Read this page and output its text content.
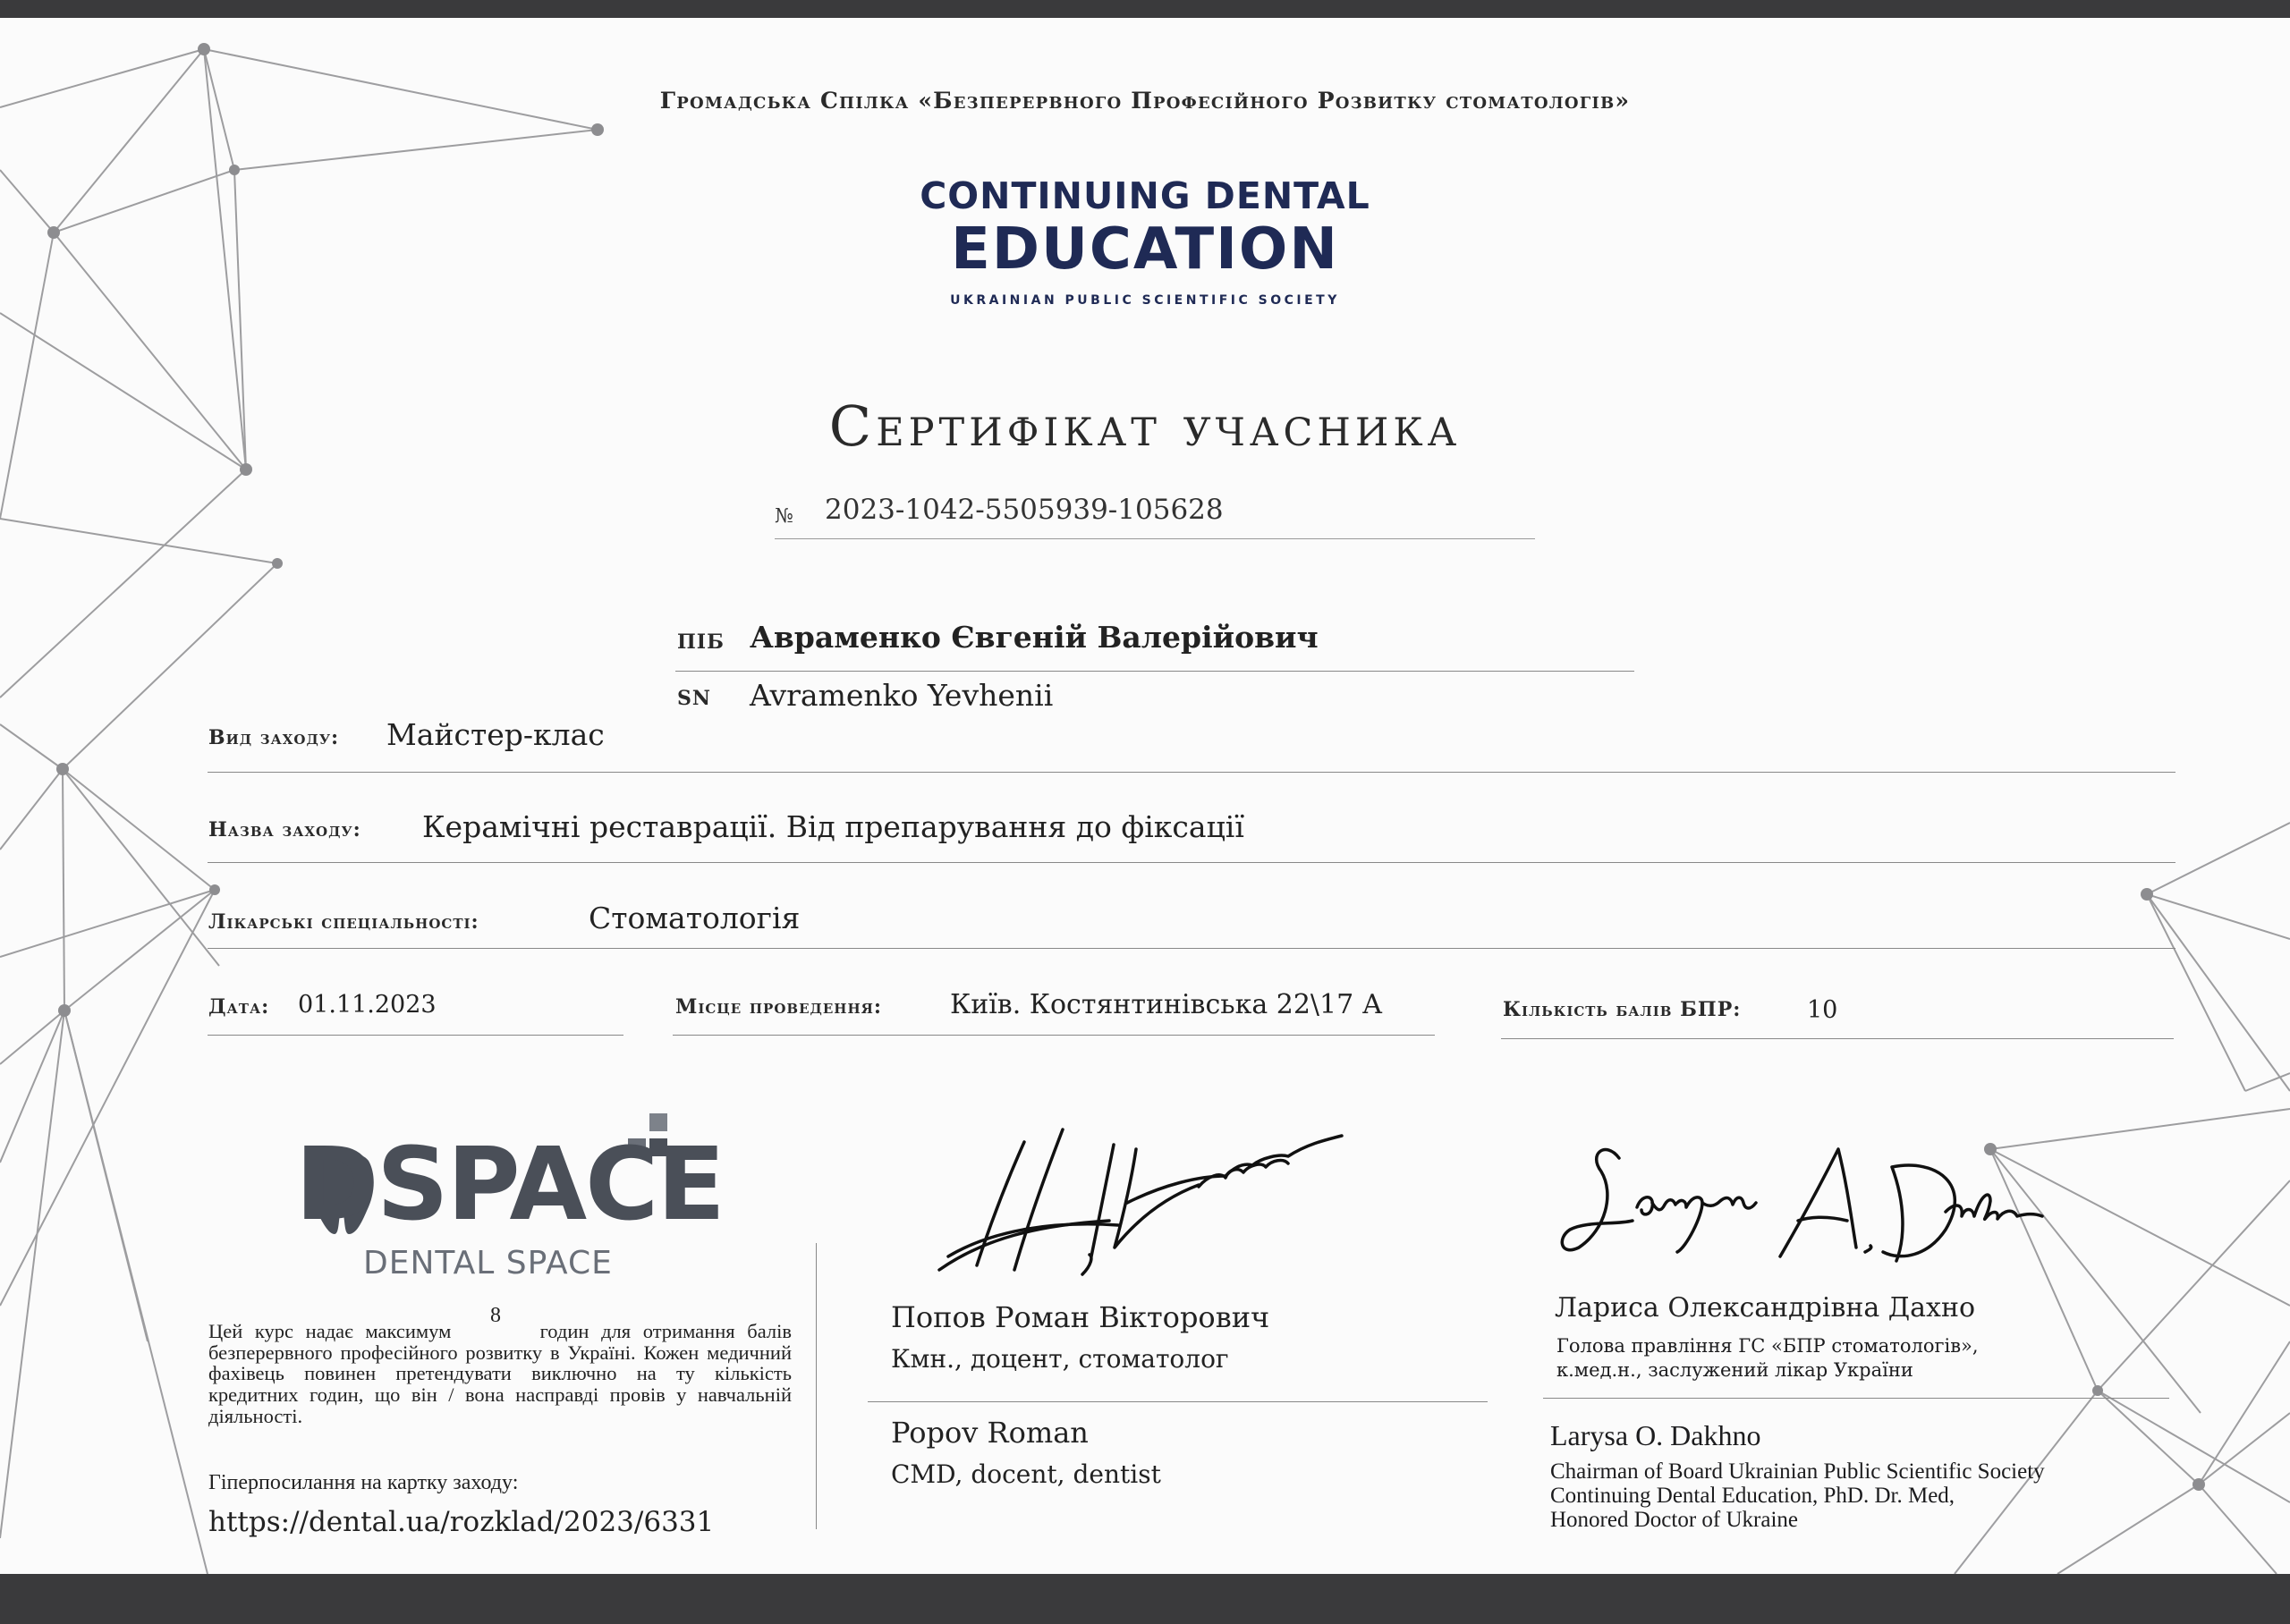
Громадська Спілка «Безперервного Професійного Розвитку стоматологів»
CONTINUING DENTAL
EDUCATION
UKRAINIAN PUBLIC SCIENTIFIC SOCIETY
Сертифікат учасника
№ 2023-1042-5505939-105628
ПІБ Авраменко Євгеній Валерійович
SN Avramenko Yevhenii
Вид заходу: Майстер-клас
Назва заходу: Керамічні реставрації. Від препарування до фіксації
Лікарські спеціальності:	Стоматологія
Дата: 01.11.2023	Місце проведення:	Київ. Костянтинівська 22\17 А	Кількість балів БПР:	10
DSPACE
DENTAL SPACE
Цей курс надає максимум 8 годин для отримання балів безперервного професійного розвитку в Україні. Кожен медичний фахівець повинен претендувати виключно на ту кількість кредитних годин, що він / вона насправді провів у навчальній діяльності.
Гіперпосилання на картку заходу:
https://dental.ua/rozklad/2023/6331
Попов Роман Вікторович
Кмн., доцент, стоматолог
Popov Roman
CMD, docent, dentist
Лариса Олександрівна Дахно
Голова правління ГС «БПР стоматологів»,
к.мед.н., заслужений лікар України
Larysa O. Dakhno
Chairman of Board Ukrainian Public Scientific Society
Continuing Dental Education, PhD. Dr. Med,
Honored Doctor of Ukraine
